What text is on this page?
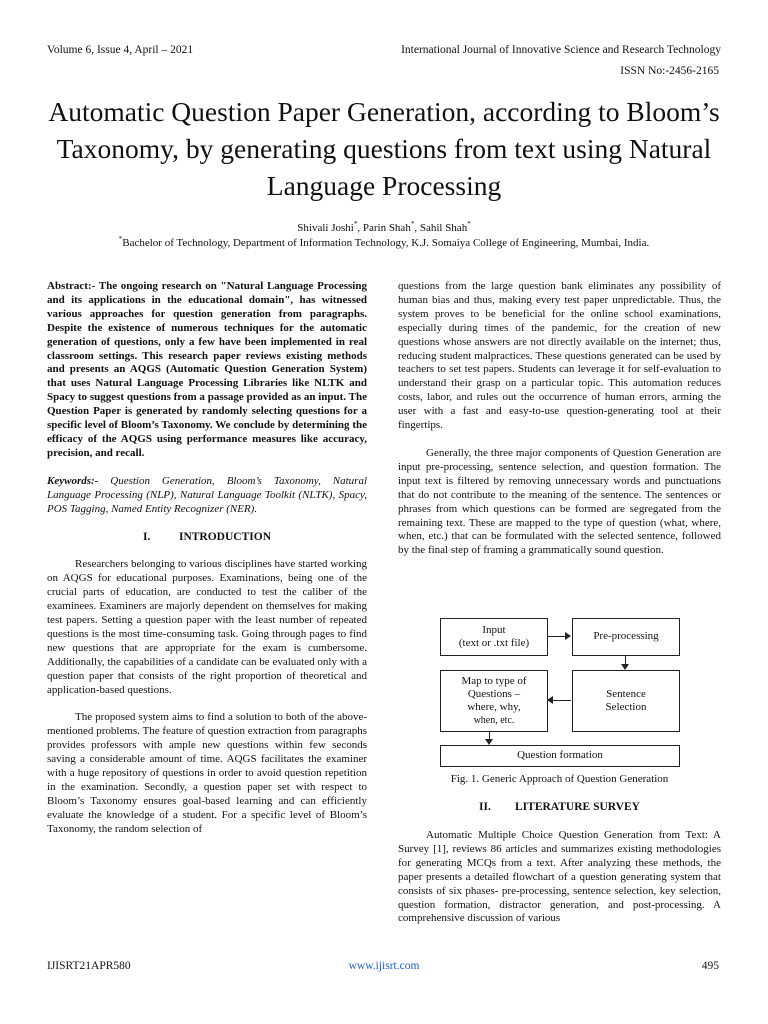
Volume 6, Issue 4, April – 2021	International Journal of Innovative Science and Research Technology
ISSN No:-2456-2165
Automatic Question Paper Generation, according to Bloom’s Taxonomy, by generating questions from text using Natural Language Processing
Shivali Joshi*, Parin Shah*, Sahil Shah*
*Bachelor of Technology, Department of Information Technology, K.J. Somaiya College of Engineering, Mumbai, India.

Abstract:- The ongoing research on "Natural Language Processing and its applications in the educational domain", has witnessed various approaches for question generation from paragraphs. Despite the existence of numerous techniques for the automatic generation of questions, only a few have been implemented in real classroom settings. This research paper reviews existing methods and presents an AQGS (Automatic Question Generation System) that uses Natural Language Processing Libraries like NLTK and Spacy to suggest questions from a passage provided as an input. The Question Paper is generated by randomly selecting questions for a specific level of Bloom’s Taxonomy. We conclude by determining the efficacy of the AQGS using performance measures like accuracy, precision, and recall.

Keywords:- Question Generation, Bloom’s Taxonomy, Natural Language Processing (NLP), Natural Language Toolkit (NLTK), Spacy, POS Tagging, Named Entity Recognizer (NER).

I. INTRODUCTION

Researchers belonging to various disciplines have started working on AQGS for educational purposes. Examinations, being one of the crucial parts of education, are conducted to test the caliber of the examinees. Examiners are majorly dependent on themselves for making test papers. Setting a question paper with the least number of repeated questions is the most time-consuming task. Going through pages to find new questions that are appropriate for the exam is cumbersome. Additionally, the capabilities of a candidate can be evaluated only with a question paper that consists of the right proportion of theoretical and application-based questions.

The proposed system aims to find a solution to both of the above-mentioned problems. The feature of question extraction from paragraphs provides professors with ample new questions within few seconds saving a considerable amount of time. AQGS facilitates the examiner with a huge repository of questions in order to avoid question repetition in the examination. Secondly, a question paper set with respect to Bloom’s Taxonomy ensures goal-based learning and can efficiently evaluate the knowledge of a student. For a specific level of Bloom’s Taxonomy, the random selection of

questions from the large question bank eliminates any possibility of human bias and thus, making every test paper unpredictable. Thus, the system proves to be beneficial for the online school examinations, especially during times of the pandemic, for the creation of new questions whose answers are not directly available on the internet; thus, reducing student malpractices. These questions generated can be used by teachers to set test papers. Students can leverage it for self-evaluation to understand their grasp on a particular topic. This automation reduces costs, labor, and rules out the occurrence of human errors, arming the user with a fast and easy-to-use question-generating tool at their fingertips.

Generally, the three major components of Question Generation are input pre-processing, sentence selection, and question formation. The input text is filtered by removing unnecessary words and punctuations that do not contribute to the meaning of the sentence. The sentences or phrases from which questions can be formed are segregated from the remaining text. These are mapped to the type of question (what, where, when, etc.) that can be formulated with the selected sentence, followed by the final step of framing a grammatically sound question.

Input
(text or .txt file)
Pre-processing
Sentence
Selection
Map to type of
Questions –
where, why,
when, etc.
Question formation
Fig. 1. Generic Approach of Question Generation
II. LITERATURE SURVEY

Automatic Multiple Choice Question Generation from Text: A Survey [1], reviews 86 articles and summarizes existing methodologies for generating MCQs from a text. After analyzing these methods, the paper presents a detailed flowchart of a question generating system that consists of six phases- pre-processing, sentence selection, key selection, question formation, distractor generation, and post-processing. A comprehensive discussion of various

IJISRT21APR580	www.ijisrt.com	495
